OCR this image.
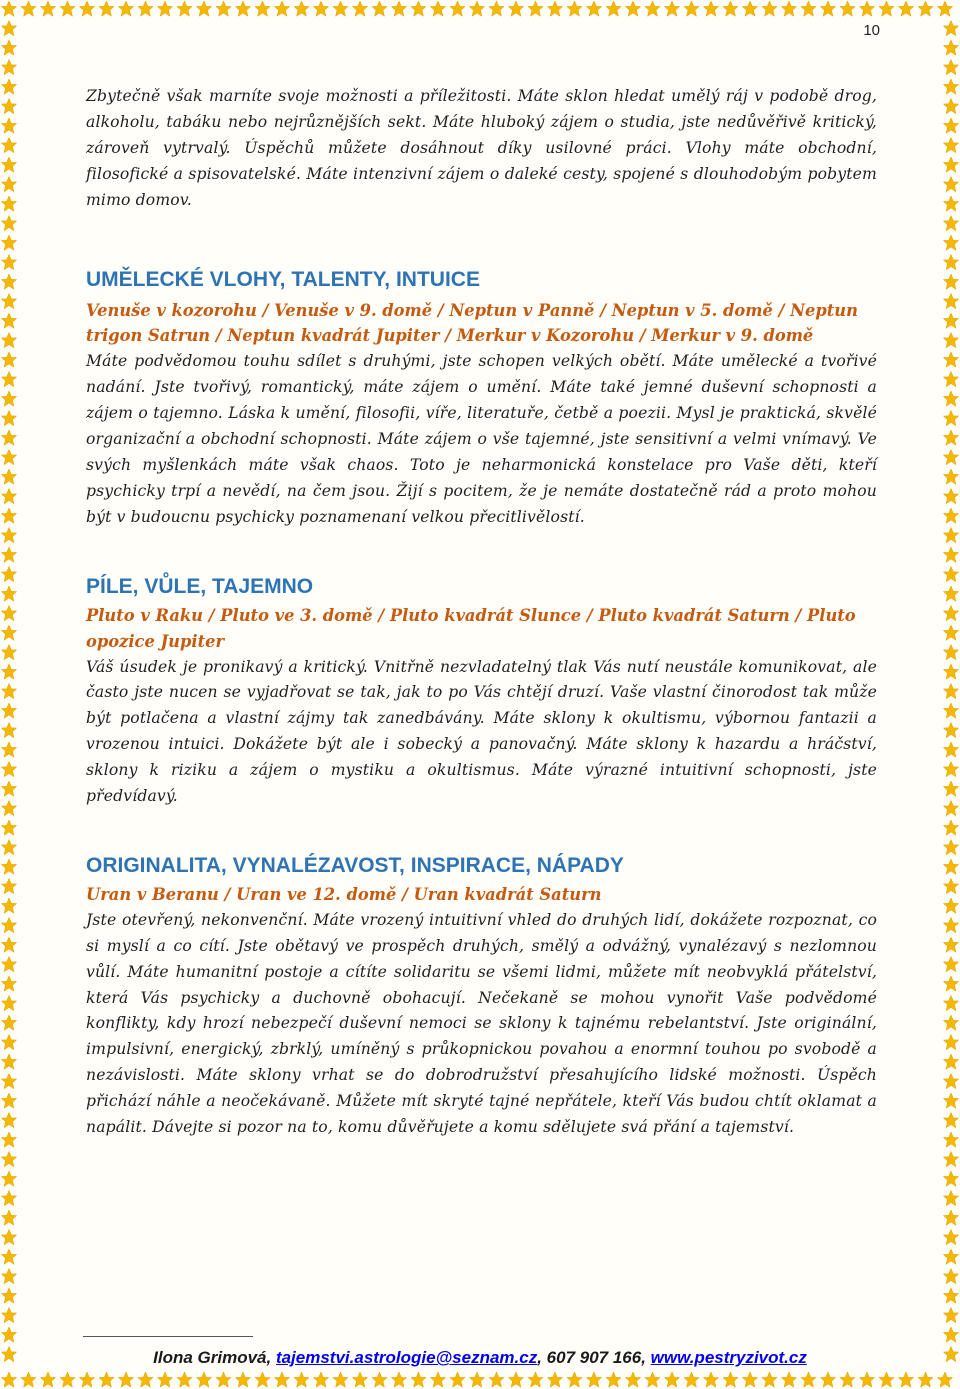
10

Zbytečně však marníte svoje možnosti a příležitosti. Máte sklon hledat umělý ráj v podobě drog, alkoholu, tabáku nebo nejrůznějších sekt. Máte hluboký zájem o studia, jste nedůvěřivě kritický, zároveň vytrvalý. Úspěchů můžete dosáhnout díky usilovné práci. Vlohy máte obchodní, filosofické a spisovatelské. Máte intenzivní zájem o daleké cesty, spojené s dlouhodobým pobytem mimo domov.

UMĚLECKÉ VLOHY, TALENTY, INTUICE

Venuše v kozorohu / Venuše v 9. domě / Neptun v Panně / Neptun v 5. domě / Neptun trigon Satrun / Neptun kvadrát Jupiter / Merkur v Kozorohu / Merkur v 9. domě

Máte podvědomou touhu sdílet s druhými, jste schopen velkých obětí. Máte umělecké a tvořivé nadání. Jste tvořivý, romantický, máte zájem o umění. Máte také jemné duševní schopnosti a zájem o tajemno. Láska k umění, filosofii, víře, literatuře, četbě a poezii. Mysl je praktická, skvělé organizační a obchodní schopnosti. Máte zájem o vše tajemné, jste sensitivní a velmi vnímavý. Ve svých myšlenkách máte však chaos. Toto je neharmonická konstelace pro Vaše děti, kteří psychicky trpí a nevědí, na čem jsou. Žijí s pocitem, že je nemáte dostatečně rád a proto mohou být v budoucnu psychicky poznamenaní velkou přecitlivělostí.

PÍLE, VŮLE, TAJEMNO

Pluto v Raku / Pluto ve 3. domě / Pluto kvadrát Slunce / Pluto kvadrát Saturn / Pluto opozice Jupiter

Váš úsudek je pronikavý a kritický. Vnitřně nezvladatelný tlak Vás nutí neustále komunikovat, ale často jste nucen se vyjadřovat se tak, jak to po Vás chtějí druzí. Vaše vlastní činorodost tak může být potlačena a vlastní zájmy tak zanedbávány. Máte sklony k okultismu, výbornou fantazii a vrozenou intuici. Dokážete být ale i sobecký a panovačný. Máte sklony k hazardu a hráčství, sklony k riziku a zájem o mystiku a okultismus. Máte výrazné intuitivní schopnosti, jste předvídavý.

ORIGINALITA, VYNALÉZAVOST, INSPIRACE, NÁPADY

Uran v Beranu / Uran ve 12. domě / Uran kvadrát Saturn

Jste otevřený, nekonvenční. Máte vrozený intuitivní vhled do druhých lidí, dokážete rozpoznat, co si myslí a co cítí. Jste obětavý ve prospěch druhých, smělý a odvážný, vynalézavý s nezlomnou vůlí. Máte humanitní postoje a cítíte solidaritu se všemi lidmi, můžete mít neobvyklá přátelství, která Vás psychicky a duchovně obohacují. Nečekaně se mohou vynořit Vaše podvědomé konflikty, kdy hrozí nebezpečí duševní nemoci se sklony k tajnému rebelantství. Jste originální, impulsivní, energický, zbrklý, umíněný s průkopnickou povahou a enormní touhou po svobodě a nezávislosti. Máte sklony vrhat se do dobrodružství přesahujícího lidské možnosti. Úspěch přichází náhle a neočekávaně. Můžete mít skryté tajné nepřátele, kteří Vás budou chtít oklamat a napálit. Dávejte si pozor na to, komu důvěřujete a komu sdělujete svá přání a tajemství.

Ilona Grimová, tajemstvi.astrologie@seznam.cz, 607 907 166, www.pestryzivot.cz
